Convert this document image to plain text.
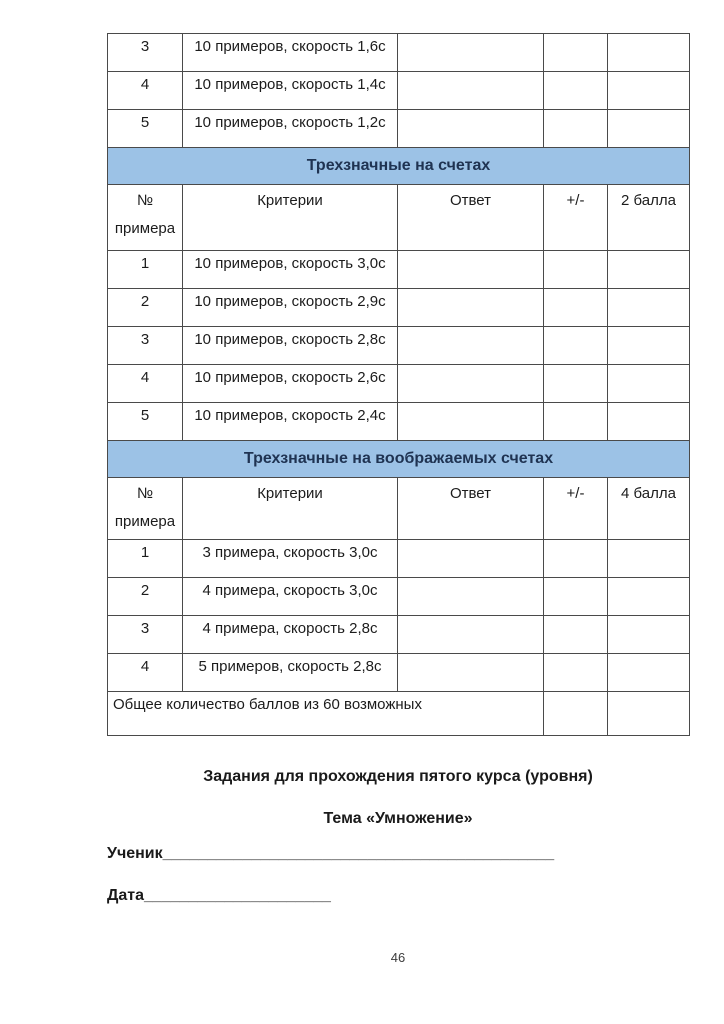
3	10 примеров, скорость 1,6с			
4	10 примеров, скорость 1,4с			
5	10 примеров, скорость 1,2с			
Трехзначные на счетах				
№ примера	Критерии	Ответ	+/-	2 балла
1	10 примеров, скорость 3,0с			
2	10 примеров, скорость 2,9с			
3	10 примеров, скорость 2,8с			
4	10 примеров, скорость 2,6с			
5	10 примеров, скорость 2,4с			
Трехзначные на воображаемых счетах				
№ примера	Критерии	Ответ	+/-	4 балла
1	3 примера, скорость 3,0с			
2	4 примера, скорость 3,0с			
3	4 примера, скорость 2,8с			
4	5 примеров, скорость 2,8с			
Общее количество баллов из 60 возможных				
Задания для прохождения пятого курса (уровня)
Тема «Умножение»
Ученик____________________________________________
Дата_____________________
46
